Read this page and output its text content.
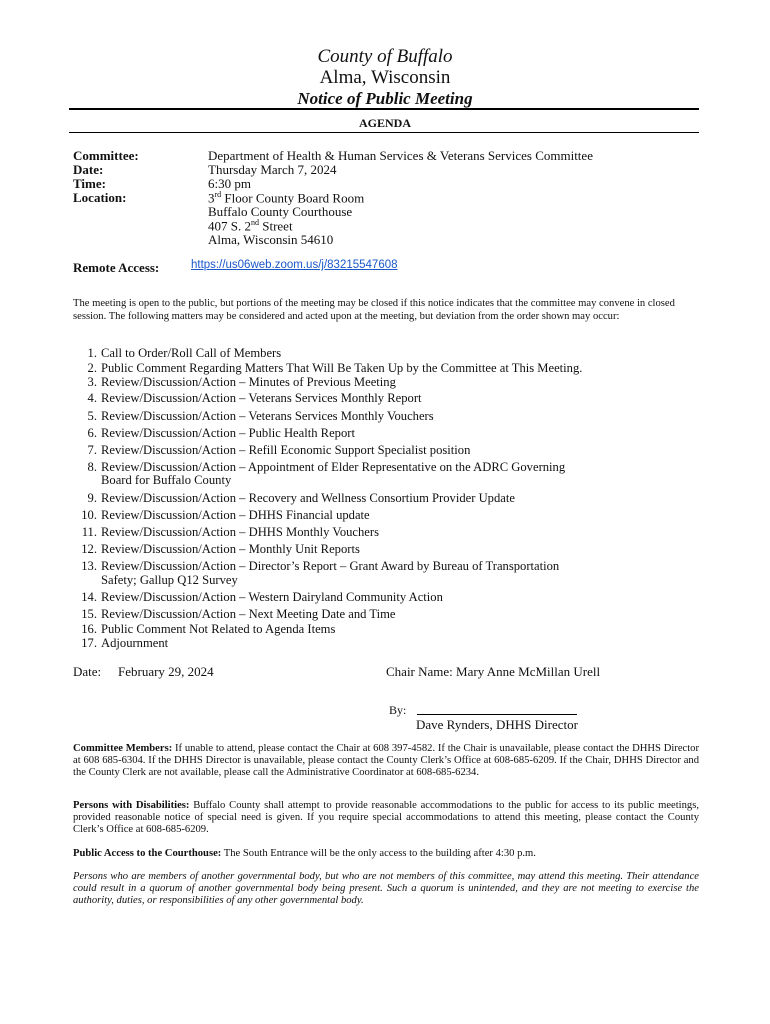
County of Buffalo
Alma, Wisconsin
Notice of Public Meeting
AGENDA
Committee:	Department of Health & Human Services & Veterans Services Committee
Date:	Thursday March 7, 2024
Time:	6:30 pm
Location:	3rd Floor County Board Room
Buffalo County Courthouse
407 S. 2nd Street
Alma, Wisconsin 54610
Remote Access:	https://us06web.zoom.us/j/83215547608
The meeting is open to the public, but portions of the meeting may be closed if this notice indicates that the committee may convene in closed session. The following matters may be considered and acted upon at the meeting, but deviation from the order shown may occur:
1. Call to Order/Roll Call of Members
2. Public Comment Regarding Matters That Will Be Taken Up by the Committee at This Meeting.
3. Review/Discussion/Action – Minutes of Previous Meeting
4. Review/Discussion/Action – Veterans Services Monthly Report
5. Review/Discussion/Action – Veterans Services Monthly Vouchers
6. Review/Discussion/Action – Public Health Report
7. Review/Discussion/Action – Refill Economic Support Specialist position
8. Review/Discussion/Action – Appointment of Elder Representative on the ADRC Governing
Board for Buffalo County
9. Review/Discussion/Action – Recovery and Wellness Consortium Provider Update
10. Review/Discussion/Action – DHHS Financial update
11. Review/Discussion/Action – DHHS Monthly Vouchers
12. Review/Discussion/Action – Monthly Unit Reports
13. Review/Discussion/Action – Director’s Report – Grant Award by Bureau of Transportation
Safety; Gallup Q12 Survey
14. Review/Discussion/Action – Western Dairyland Community Action
15. Review/Discussion/Action – Next Meeting Date and Time
16. Public Comment Not Related to Agenda Items
17. Adjournment
Date: February 29, 2024	Chair Name: Mary Anne McMillan Urell
By:
Dave Rynders, DHHS Director
Committee Members: If unable to attend, please contact the Chair at 608 397-4582. If the Chair is unavailable, please contact the DHHS Director at 608 685-6304. If the DHHS Director is unavailable, please contact the County Clerk’s Office at 608-685-6209. If the Chair, DHHS Director and the County Clerk are not available, please call the Administrative Coordinator at 608-685-6234.
Persons with Disabilities: Buffalo County shall attempt to provide reasonable accommodations to the public for access to its public meetings, provided reasonable notice of special need is given. If you require special accommodations to attend this meeting, please contact the County Clerk’s Office at 608-685-6209.
Public Access to the Courthouse: The South Entrance will be the only access to the building after 4:30 p.m.
Persons who are members of another governmental body, but who are not members of this committee, may attend this meeting. Their attendance could result in a quorum of another governmental body being present. Such a quorum is unintended, and they are not meeting to exercise the authority, duties, or responsibilities of any other governmental body.
